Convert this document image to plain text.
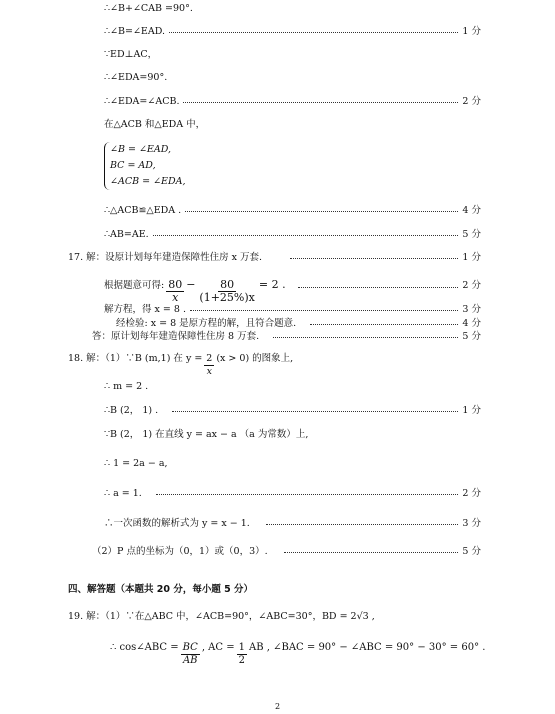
∴∠B+∠CAB =90°.
∴∠B=∠EAD.	1 分
∵ED⊥AC，
∴∠EDA=90°.
∴∠EDA=∠ACB.	2 分
在△ACB 和△EDA 中，
∠B = ∠EAD,
BC = AD,
∠ACB = ∠EDA,
∴△ACB≌△EDA .	4 分
∴AB=AE.	5 分
17. 解：设原计划每年建造保障性住房 x 万套.	1 分
根据题意可得: $\frac{80}{x} - \frac{80}{(1+25\%)x} = 2$ .	2 分
解方程，得 x = 8 .	3 分
经检验: x = 8 是原方程的解，且符合题意.	4 分
答：原计划每年建造保障性住房 8 万套.	5 分
18. 解：（1）∵B (m,1) 在 $y = \frac{2}{x} (x > 0)$ 的图象上,
∴ m = 2 .
∴B (2， 1) .	1 分
∵B (2， 1) 在直线 y = ax − a （a 为常数）上,
∴ 1 = 2a − a,
∴ a = 1.	2 分
∴一次函数的解析式为 y = x − 1.	3 分
（2）P 点的坐标为（0，1）或（0，3）.	5 分
四、解答题（本题共 20 分，每小题 5 分）
19. 解：（1）∵在△ABC 中，∠ACB=90°，∠ABC=30°，BD = 2√3 ,
∴ cos∠ABC = $\frac{BC}{AB}$ , AC = $\frac{1}{2}$ AB , ∠BAC = 90° − ∠ABC = 90° − 30° = 60° .
2
